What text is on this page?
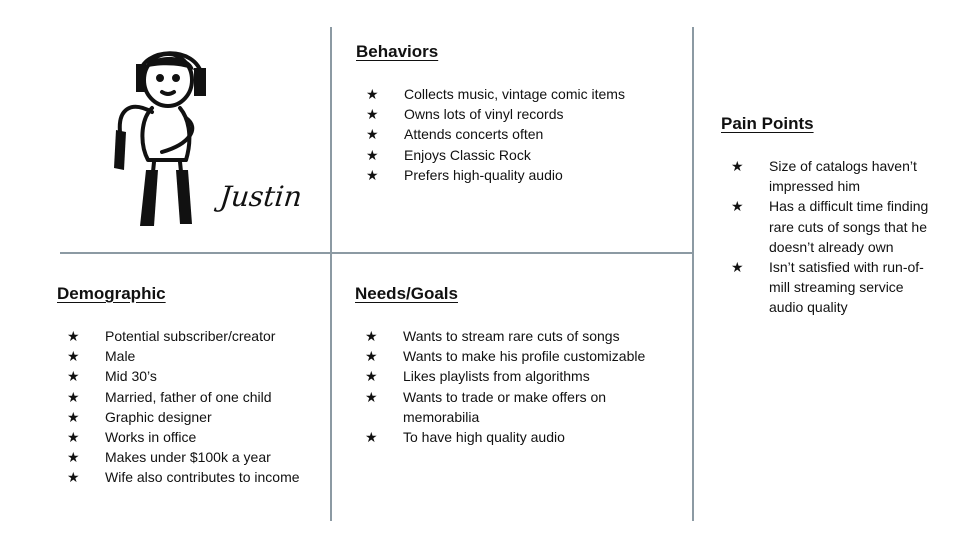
Justin
Behaviors
★ Collects music, vintage comic items
★ Owns lots of vinyl records
★ Attends concerts often
★ Enjoys Classic Rock
★ Prefers high-quality audio
Pain Points
★ Size of catalogs haven’t impressed him
★ Has a difficult time finding rare cuts of songs that he doesn’t already own
★ Isn’t satisfied with run-of-mill streaming service audio quality
Demographic
★ Potential subscriber/creator
★ Male
★ Mid 30’s
★ Married, father of one child
★ Graphic designer
★ Works in office
★ Makes under $100k a year
★ Wife also contributes to income
Needs/Goals
★ Wants to stream rare cuts of songs
★ Wants to make his profile customizable
★ Likes playlists from algorithms
★ Wants to trade or make offers on memorabilia
★ To have high quality audio
